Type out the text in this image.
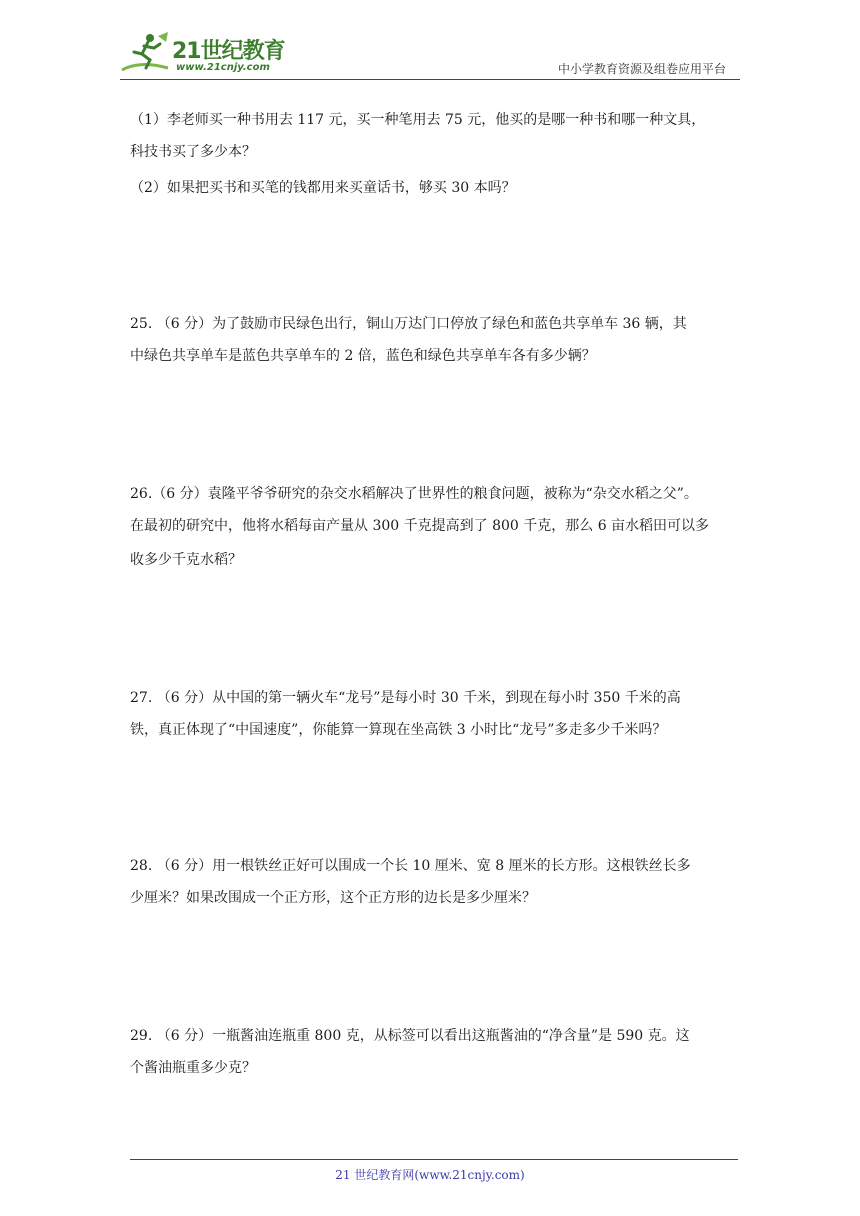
21世纪教育
www.21cnjy.com	中小学教育资源及组卷应用平台

（1）李老师买一种书用去 117 元，买一种笔用去 75 元，他买的是哪一种书和哪一种文具，

科技书买了多少本？

（2）如果把买书和买笔的钱都用来买童话书，够买 30 本吗？

25. （6 分）为了鼓励市民绿色出行，铜山万达门口停放了绿色和蓝色共享单车 36 辆，其

中绿色共享单车是蓝色共享单车的 2 倍，蓝色和绿色共享单车各有多少辆？

26.（6 分）袁隆平爷爷研究的杂交水稻解决了世界性的粮食问题，被称为“杂交水稻之父”。

在最初的研究中，他将水稻每亩产量从 300 千克提高到了 800 千克，那么 6 亩水稻田可以多

收多少千克水稻？

27. （6 分）从中国的第一辆火车“龙号”是每小时 30 千米，到现在每小时 350 千米的高

铁，真正体现了“中国速度”，你能算一算现在坐高铁 3 小时比“龙号”多走多少千米吗？

28. （6 分）用一根铁丝正好可以围成一个长 10 厘米、宽 8 厘米的长方形。这根铁丝长多

少厘米？如果改围成一个正方形，这个正方形的边长是多少厘米？

29. （6 分）一瓶酱油连瓶重 800 克，从标签可以看出这瓶酱油的“净含量”是 590 克。这

个酱油瓶重多少克？

21 世纪教育网(www.21cnjy.com)
